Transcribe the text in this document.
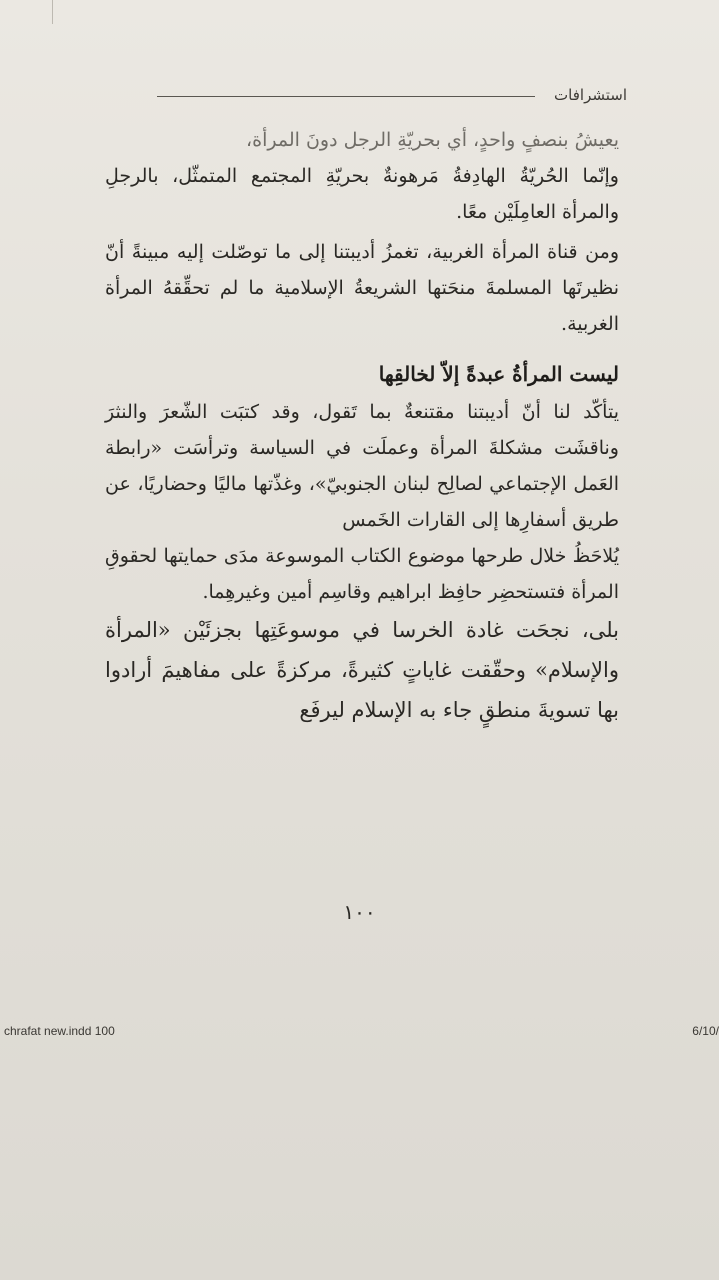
استشرافات

يعيشُ بنصفٍ واحدٍ، أي بحريّةِ الرجل دونَ المرأة،

وإنّما الحُريّةُ الهادِفةُ مَرهونةٌ بحريّةِ المجتمع المتمثّل، بالرجلِ والمرأة العامِلَيْن معًا.

ومن قناة المرأة الغربية، تغمزُ أديبتنا إلى ما توصّلت إليه مبينةً أنّ نظيرتَها المسلمةَ منحَتها الشريعةُ الإسلامية ما لم تحقِّقهُ المرأة الغربية.

ليست المرأةُ عبدةً إلاّ لخالقِها

يتأكّد لنا أنّ أديبتنا مقتنعةٌ بما تَقول، وقد كتبَت الشّعرَ والنثرَ وناقشَت مشكلةَ المرأة وعملَت في السياسة وترأسَت «رابطة العَمل الإجتماعي لصالِح لبنان الجنوبيّ»، وغذّتها ماليًا وحضاريًا، عن طريق أسفارِها إلى القارات الخَمس

يُلاحَظُ خلال طرحها موضوع الكتاب الموسوعة مدَى حمايتها لحقوقِ المرأة فتستحضِر حافِظ ابراهيم وقاسِم أمين وغيرهِما.

بلى، نجحَت غادة الخرسا في موسوعَتِها بجزئَيْن «المرأة والإسلام» وحقّقت غاياتٍ كثيرةً، مركزةً على مفاهيمَ أرادوا بها تسويةَ منطقٍ جاء به الإسلام ليرفَع

١٠٠
chrafat new.indd 100	6/10/
